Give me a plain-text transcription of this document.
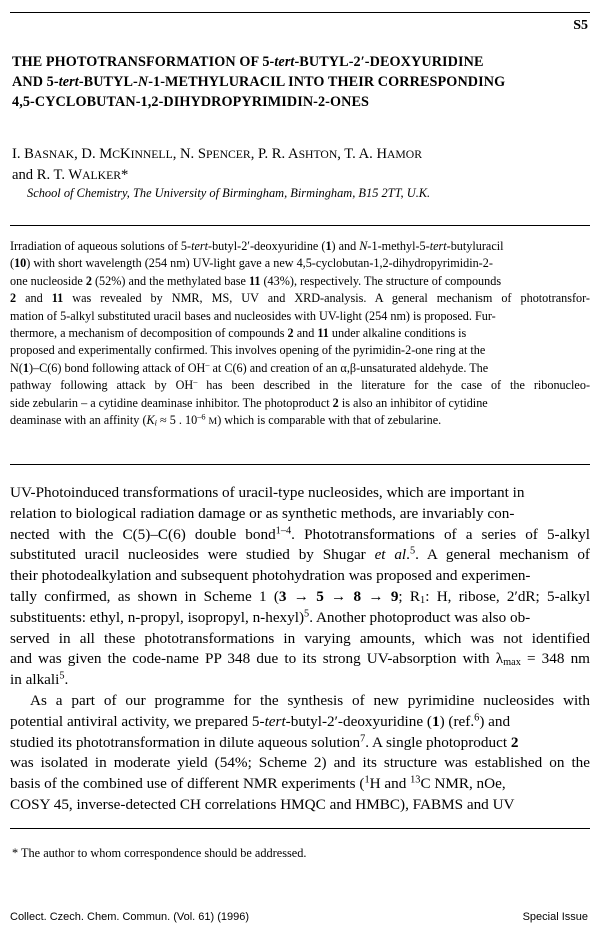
S5
THE PHOTOTRANSFORMATION OF 5-tert-BUTYL-2′-DEOXYURIDINE
AND 5-tert-BUTYL-N-1-METHYLURACIL INTO THEIR CORRESPONDING
4,5-CYCLOBUTAN-1,2-DIHYDROPYRIMIDIN-2-ONES
I. BASNAK, D. MCKINNELL, N. SPENCER, P. R. ASHTON, T. A. HAMOR
and R. T. WALKER*
School of Chemistry, The University of Birmingham, Birmingham, B15 2TT, U.K.
Irradiation of aqueous solutions of 5-tert-butyl-2′-deoxyuridine (1) and N-1-methyl-5-tert-butyluracil
(10) with short wavelength (254 nm) UV-light gave a new 4,5-cyclobutan-1,2-dihydropyrimidin-2-
one nucleoside 2 (52%) and the methylated base 11 (43%), respectively. The structure of compounds
2 and 11 was revealed by NMR, MS, UV and XRD-analysis. A general mechanism of phototransfor-
mation of 5-alkyl substituted uracil bases and nucleosides with UV-light (254 nm) is proposed. Fur-
thermore, a mechanism of decomposition of compounds 2 and 11 under alkaline conditions is
proposed and experimentally confirmed. This involves opening of the pyrimidin-2-one ring at the
N(1)–C(6) bond following attack of OH– at C(6) and creation of an α,β-unsaturated aldehyde. The
pathway following attack by OH– has been described in the literature for the case of the ribonucleo-
side zebularin – a cytidine deaminase inhibitor. The photoproduct 2 is also an inhibitor of cytidine
deaminase with an affinity ($K_i \approx 5$ . $10^{-6}$ M) which is comparable with that of zebularine.
UV-Photoinduced transformations of uracil-type nucleosides, which are important in
relation to biological radiation damage or as synthetic methods, are invariably con-
nected with the C(5)–C(6) double bond$^{1-4}$. Phototransformations of a series of 5-alkyl
substituted uracil nucleosides were studied by Shugar et al.$^5$. A general mechanism of
their photodealkylation and subsequent photohydration was proposed and experimen-
tally confirmed, as shown in Scheme 1 (3 → 5 → 8 → 9; $R_1$: H, ribose, 2′dR; 5-alkyl
substituents: ethyl, n-propyl, isopropyl, n-hexyl)$^5$. Another photoproduct was also ob-
served in all these phototransformations in varying amounts, which was not identified
and was given the code-name PP 348 due to its strong UV-absorption with $\lambda_{max} = 348$ nm
in alkali$^5$.
As a part of our programme for the synthesis of new pyrimidine nucleosides with
potential antiviral activity, we prepared 5-tert-butyl-2′-deoxyuridine (1) (ref.$^6$) and
studied its phototransformation in dilute aqueous solution$^7$. A single photoproduct 2
was isolated in moderate yield (54%; Scheme 2) and its structure was established on the
basis of the combined use of different NMR experiments ($^1$H and $^{13}$C NMR, nOe,
COSY 45, inverse-detected CH correlations HMQC and HMBC), FABMS and UV
* The author to whom correspondence should be addressed.
Collect. Czech. Chem. Commun. (Vol. 61) (1996)	Special Issue
